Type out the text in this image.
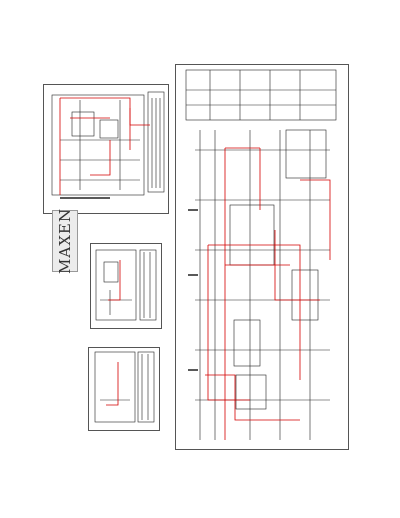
MAXEN
